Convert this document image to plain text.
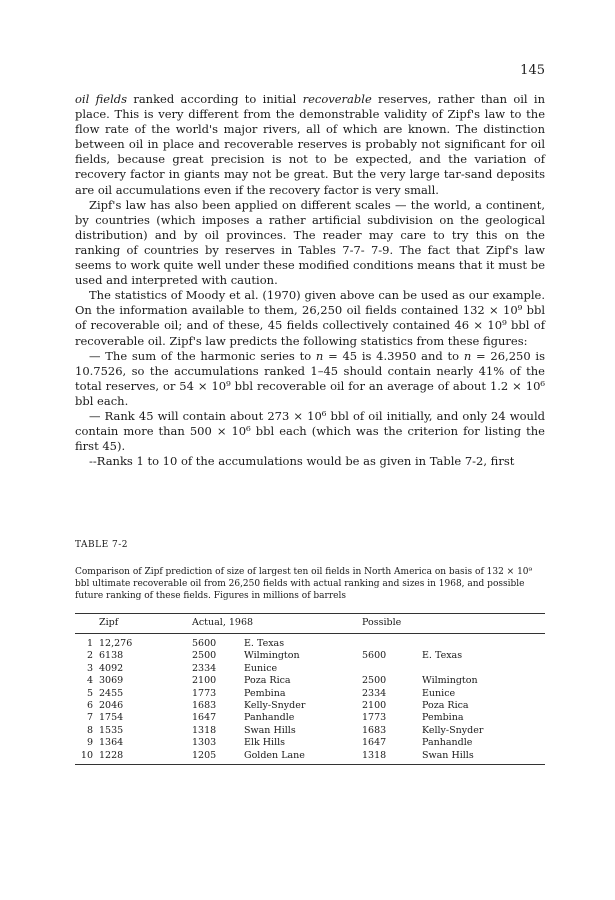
145

oil fields ranked according to initial recoverable reserves, rather than oil in place. This is very different from the demonstrable validity of Zipf's law to the flow rate of the world's major rivers, all of which are known. The distinction between oil in place and recoverable reserves is probably not significant for oil fields, because great precision is not to be expected, and the variation of recovery factor in giants may not be great. But the very large tar-sand deposits are oil accumulations even if the recovery factor is very small.

Zipf's law has also been applied on different scales — the world, a continent, by countries (which imposes a rather artificial subdivision on the geological distribution) and by oil provinces. The reader may care to try this on the ranking of countries by reserves in Tables 7-7- 7-9. The fact that Zipf's law seems to work quite well under these modified conditions means that it must be used and interpreted with caution.

The statistics of Moody et al. (1970) given above can be used as our example. On the information available to them, 26,250 oil fields contained 132 × 10⁹ bbl of recoverable oil; and of these, 45 fields collectively contained 46 × 10⁹ bbl of recoverable oil. Zipf's law predicts the following statistics from these figures:

— The sum of the harmonic series to n = 45 is 4.3950 and to n = 26,250 is 10.7526, so the accumulations ranked 1–45 should contain nearly 41% of the total reserves, or 54 × 10⁹ bbl recoverable oil for an average of about 1.2 × 10⁶ bbl each.

— Rank 45 will contain about 273 × 10⁶ bbl of oil initially, and only 24 would contain more than 500 × 10⁶ bbl each (which was the criterion for listing the first 45).

--Ranks 1 to 10 of the accumulations would be as given in Table 7-2, first

TABLE 7-2
Comparison of Zipf prediction of size of largest ten oil fields in North America on basis of 132 × 10⁹ bbl ultimate recoverable oil from 26,250 fields with actual ranking and sizes in 1968, and possible future ranking of these fields. Figures in millions of barrels
	Zipf	Actual, 1968		Possible	
1	12,276	5600	E. Texas		
2	6138	2500	Wilmington	5600	E. Texas
3	4092	2334	Eunice		
4	3069	2100	Poza Rica	2500	Wilmington
5	2455	1773	Pembina	2334	Eunice
6	2046	1683	Kelly-Snyder	2100	Poza Rica
7	1754	1647	Panhandle	1773	Pembina
8	1535	1318	Swan Hills	1683	Kelly-Snyder
9	1364	1303	Elk Hills	1647	Panhandle
10	1228	1205	Golden Lane	1318	Swan Hills
